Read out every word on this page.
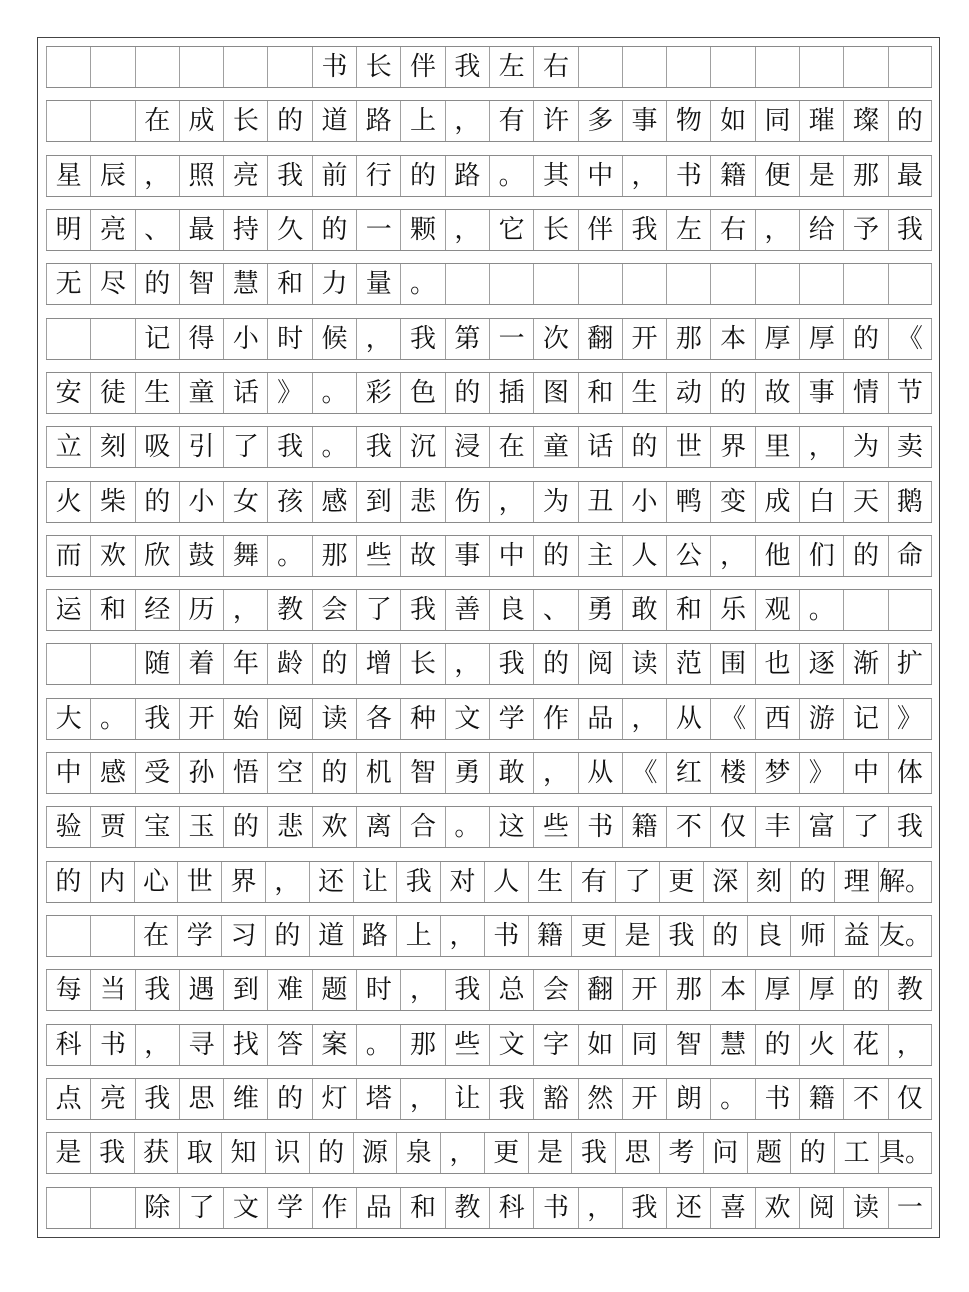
书 长 伴 我 左 右
在 成 长 的 道 路 上 ， 有 许 多 事 物 如 同 璀 璨 的
星 辰 ， 照 亮 我 前 行 的 路 。 其 中 ， 书 籍 便 是 那 最
明 亮 、 最 持 久 的 一 颗 ， 它 长 伴 我 左 右 ， 给 予 我
无 尽 的 智 慧 和 力 量 。
记 得 小 时 候 ， 我 第 一 次 翻 开 那 本 厚 厚 的 《
安 徒 生 童 话 》 。 彩 色 的 插 图 和 生 动 的 故 事 情 节
立 刻 吸 引 了 我 。 我 沉 浸 在 童 话 的 世 界 里 ， 为 卖
火 柴 的 小 女 孩 感 到 悲 伤 ， 为 丑 小 鸭 变 成 白 天 鹅
而 欢 欣 鼓 舞 。 那 些 故 事 中 的 主 人 公 ， 他 们 的 命
运 和 经 历 ， 教 会 了 我 善 良 、 勇 敢 和 乐 观 。
随 着 年 龄 的 增 长 ， 我 的 阅 读 范 围 也 逐 渐 扩
大 。 我 开 始 阅 读 各 种 文 学 作 品 ， 从 《 西 游 记 》
中 感 受 孙 悟 空 的 机 智 勇 敢 ， 从 《 红 楼 梦 》 中 体
验 贾 宝 玉 的 悲 欢 离 合 。 这 些 书 籍 不 仅 丰 富 了 我
的 内 心 世 界 ， 还 让 我 对 人 生 有 了 更 深 刻 的 理 解。
在 学 习 的 道 路 上 ， 书 籍 更 是 我 的 良 师 益 友。
每 当 我 遇 到 难 题 时 ， 我 总 会 翻 开 那 本 厚 厚 的 教
科 书 ， 寻 找 答 案 。 那 些 文 字 如 同 智 慧 的 火 花 ，
点 亮 我 思 维 的 灯 塔 ， 让 我 豁 然 开 朗 。 书 籍 不 仅
是 我 获 取 知 识 的 源 泉 ， 更 是 我 思 考 问 题 的 工 具。
除 了 文 学 作 品 和 教 科 书 ， 我 还 喜 欢 阅 读 一
